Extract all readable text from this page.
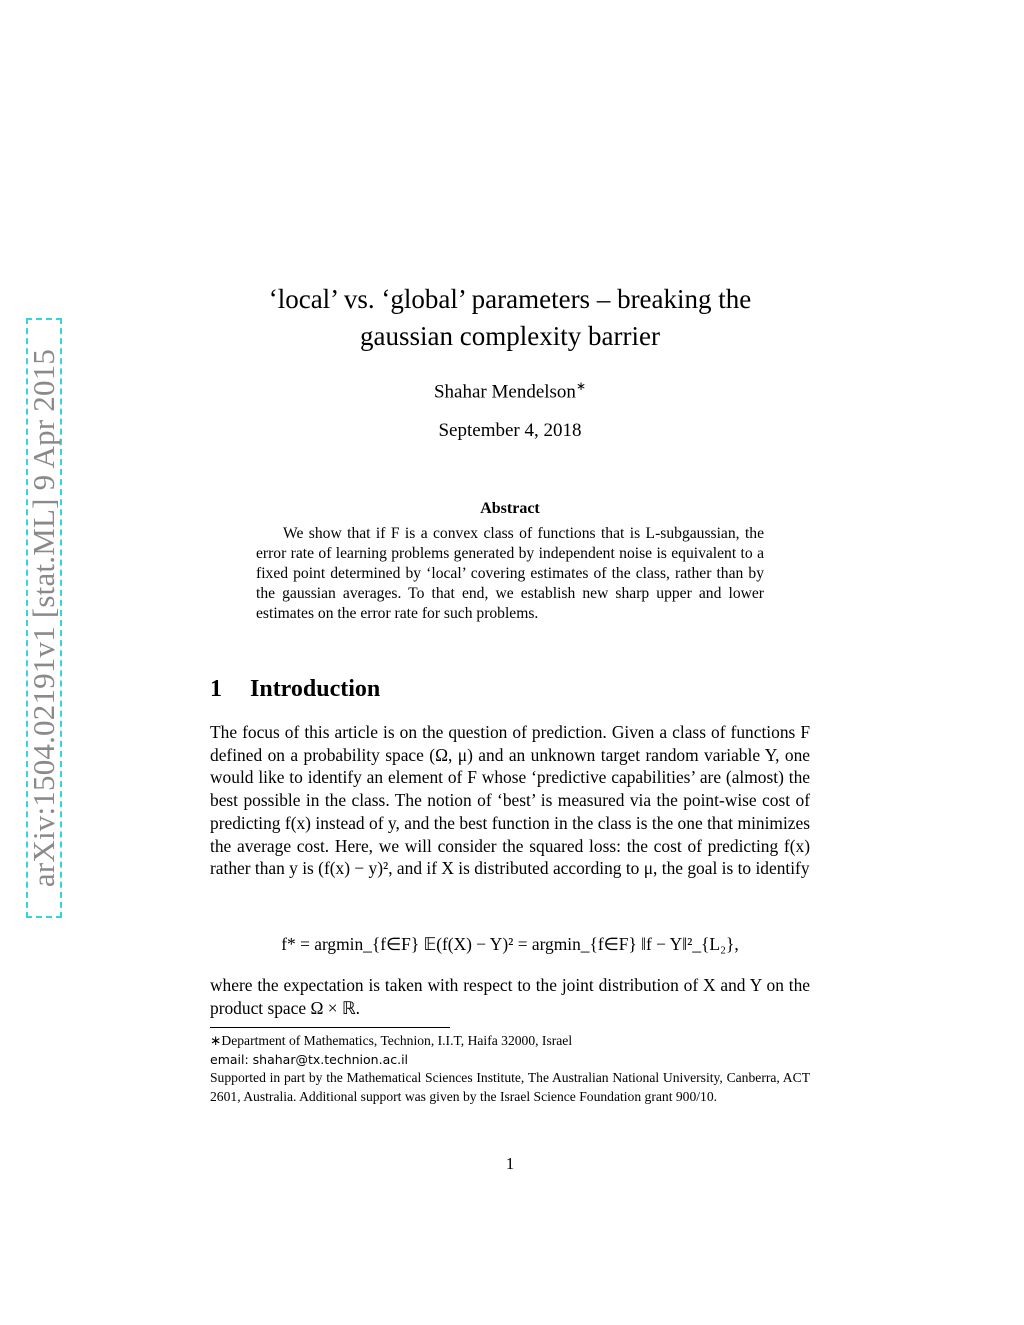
arXiv:1504.02191v1 [stat.ML] 9 Apr 2015
‘local’ vs. ‘global’ parameters – breaking the
gaussian complexity barrier
Shahar Mendelson∗
September 4, 2018
Abstract
We show that if F is a convex class of functions that is L-subgaussian, the error rate of learning problems generated by independent noise is equivalent to a fixed point determined by ‘local’ covering estimates of the class, rather than by the gaussian averages. To that end, we establish new sharp upper and lower estimates on the error rate for such problems.
1 Introduction
The focus of this article is on the question of prediction. Given a class of functions F defined on a probability space (Ω, μ) and an unknown target random variable Y, one would like to identify an element of F whose ‘predictive capabilities’ are (almost) the best possible in the class. The notion of ‘best’ is measured via the point-wise cost of predicting f(x) instead of y, and the best function in the class is the one that minimizes the average cost. Here, we will consider the squared loss: the cost of predicting f(x) rather than y is (f(x) − y)², and if X is distributed according to μ, the goal is to identify
f* = argmin_{f∈F} 𝔼(f(X) − Y)² = argmin_{f∈F} ‖f − Y‖²_{L₂},
where the expectation is taken with respect to the joint distribution of X and Y on the product space Ω × ℝ.
∗Department of Mathematics, Technion, I.I.T, Haifa 32000, Israel
email: shahar@tx.technion.ac.il
Supported in part by the Mathematical Sciences Institute, The Australian National University, Canberra, ACT 2601, Australia. Additional support was given by the Israel Science Foundation grant 900/10.
1
